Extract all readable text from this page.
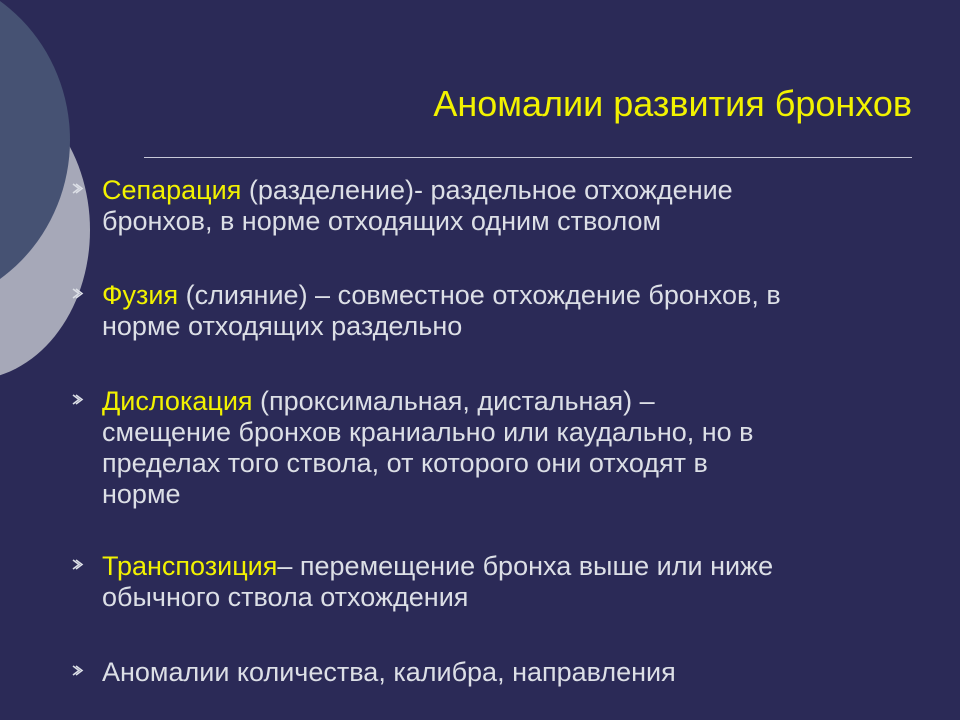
Аномалии развития бронхов
Сепарация (разделение)- раздельное отхождение
бронхов, в норме отходящих одним стволом
Фузия (слияние) – совместное отхождение бронхов, в
норме отходящих раздельно
Дислокация (проксимальная, дистальная) –
смещение бронхов краниально или каудально, но в
пределах того ствола, от которого они отходят в
норме
Транспозиция– перемещение бронха выше или ниже
обычного ствола отхождения
Аномалии количества, калибра, направления
